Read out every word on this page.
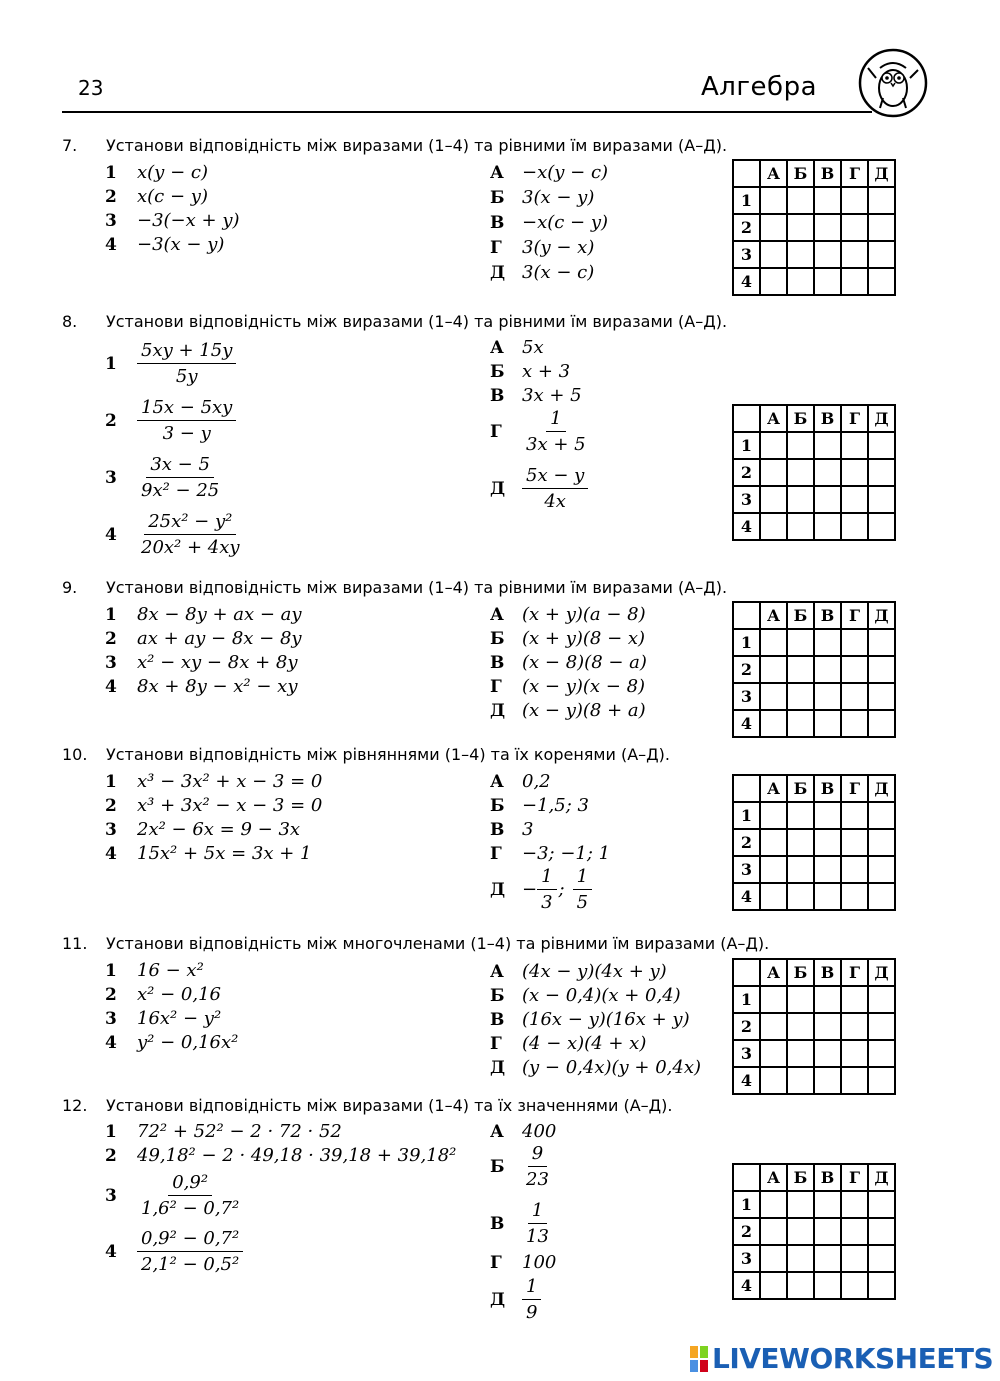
23	Алгебра
7. Установи відповідність між виразами (1–4) та рівними їм виразами (А–Д).
1	x(y − c)
2	x(c − y)
3	−3(−x + y)
4	−3(x − y)
А	−x(y − c)
Б 3(x − y)
В −x(c − y)
Г	3(y − x)
Д 3(x − c)
	А	Б	В	Г	Д
1					
2					
3					
4					
8. Установи відповідність між виразами (1–4) та рівними їм виразами (А–Д).
1	$\frac{5xy + 15y}{5y}$
2	$\frac{15x - 5xy}{3 - y}$
3	$\frac{3x - 5}{\text{9x² − 25}}$
4	$\frac{\text{25x² − y²}}{\text{20x² + 4xy}}$
А	5x
Б x + 3
В 3x + 5
Г	$\frac{1}{3x + 5}$
Д $\frac{5x - y}{4x}$
	А	Б	В	Г	Д
1					
2					
3					
4					
9. Установи відповідність між виразами (1–4) та рівними їм виразами (А–Д).
1	8x − 8y + ax − ay
2	ax + ay − 8x − 8y
3	x² − xy − 8x + 8y
4	8x + 8y − x² − xy
А	(x + y)(a − 8)
Б (x + y)(8 − x)
В (x − 8)(8 − a)
Г	(x − y)(x − 8)
Д (x − y)(8 + a)
	А	Б	В	Г	Д
1					
2					
3					
4					
10. Установи відповідність між рівняннями (1–4) та їх коренями (А–Д).
1	x³ − 3x² + x − 3 = 0
2	x³ + 3x² − x − 3 = 0
3	2x² − 6x = 9 − 3x
4	15x² + 5x = 3x + 1
А	0,2
Б −1,5; 3
В 3
Г	−3; −1; 1
$Д - \frac{1}{3}$ ; $\frac{1}{5}$
	А	Б	В	Г	Д
1					
2					
3					
4					
11. Установи відповідність між многочленами (1–4) та рівними їм виразами (А–Д).
1	16 − x²
2	x² − 0,16
3	16x² − y²
4	y² − 0,16x²
А	(4x − y)(4x + y)
Б (x − 0,4)(x + 0,4)
В (16x − y)(16x + y)
Г	(4 − x)(4 + x)
Д (y − 0,4x)(y + 0,4x)
	А	Б	В	Г	Д
1					
2					
3					
4					
12. Установи відповідність між виразами (1–4) та їх значеннями (А–Д).
1	72² + 52² − 2 · 72 · 52
2	49,18² − 2 · 49,18 · 39,18 + 39,18²
3	$\frac{\text{0,9²}}{\text{1,6² − 0,7²}}$
4	$\frac{\text{0,9² − 0,7²}}{\text{2,1² − 0,5²}}$
А	400
Б $\frac{9}{23}$
В $\frac{1}{13}$
Г	100
Д $\frac{1}{9}$
	А	Б	В	Г	Д
1					
2					
3					
4					
LIVEWORKSHEETS
